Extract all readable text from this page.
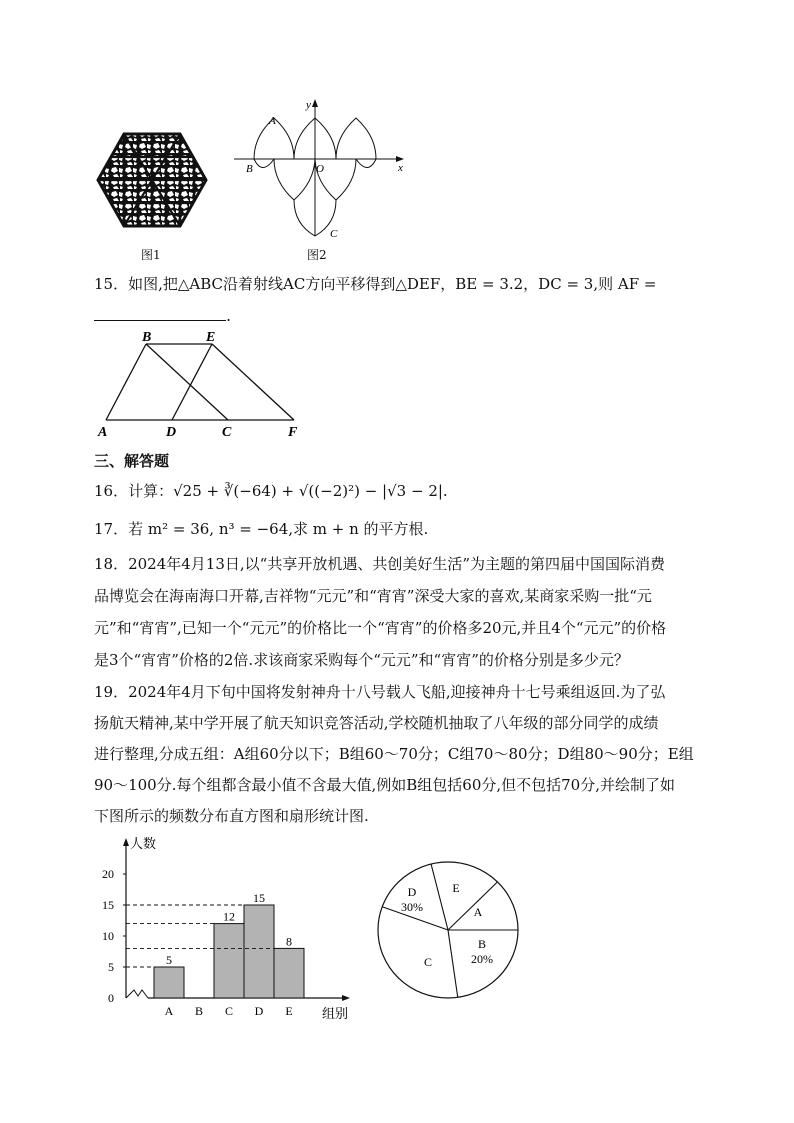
图1
y
x
A
B	O
C
图2
15．如图,把△ABC沿着射线AC方向平移得到△DEF，BE = 3.2，DC = 3,则 AF =
.
B	E
A	D	C	F
三、解答题
16．计算：√25 + ∛(−64) + √((−2)²) − |√3 − 2|.
17．若 m² = 36, n³ = −64,求 m + n 的平方根.
18．2024年4月13日,以“共享开放机遇、共创美好生活”为主题的第四届中国国际消费
品博览会在海南海口开幕,吉祥物“元元”和“宵宵”深受大家的喜欢,某商家采购一批“元
元”和“宵宵”,已知一个“元元”的价格比一个“宵宵”的价格多20元,并且4个“元元”的价格
是3个“宵宵”价格的2倍.求该商家采购每个“元元”和“宵宵”的价格分别是多少元？
19．2024年4月下旬中国将发射神舟十八号载人飞船,迎接神舟十七号乘组返回.为了弘
扬航天精神,某中学开展了航天知识竞答活动,学校随机抽取了八年级的部分同学的成绩
进行整理,分成五组：A组60分以下；B组60～70分；C组70～80分；D组80～90分；E组
90～100分.每个组都含最小值不含最大值,例如B组包括60分,但不包括70分,并绘制了如
下图所示的频数分布直方图和扇形统计图.
0
5
10
15
20
A
5
B C
12
D
15
E
8
人数
组别
D
30%
E
A
B
20%
C
